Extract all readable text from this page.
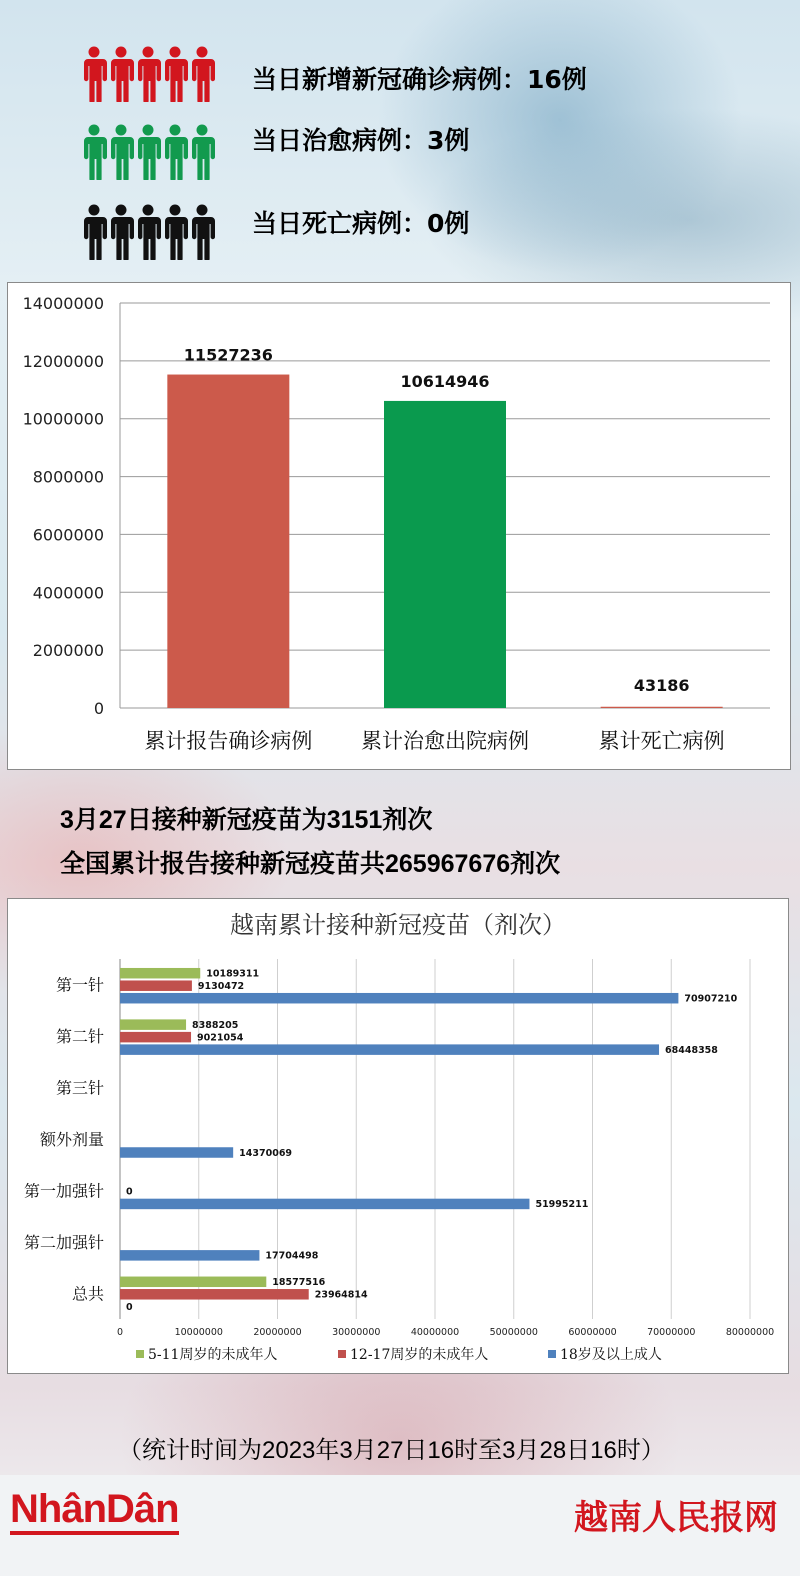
当日新增新冠确诊病例：16例
当日治愈病例：3例
当日死亡病例：0例
0
2000000
4000000
6000000
8000000
10000000
12000000
14000000
11527236
累计报告确诊病例
10614946
累计治愈出院病例
43186
累计死亡病例
3月27日接种新冠疫苗为3151剂次
全国累计报告接种新冠疫苗共265967676剂次
越南累计接种新冠疫苗（剂次）
0	10000000	20000000	30000000	40000000	50000000	60000000	70000000	80000000
第一针
10189311
9130472
70907210
第二针
8388205
9021054
68448358
第三针
额外剂量
14370069
第一加强针 0
51995211
第二加强针
17704498
总共
18577516
23964814
0
5-11周岁的未成年人	12-17周岁的未成年人	18岁及以上成人
（统计时间为2023年3月27日16时至3月28日16时）
NhânDân	越南人民报网
